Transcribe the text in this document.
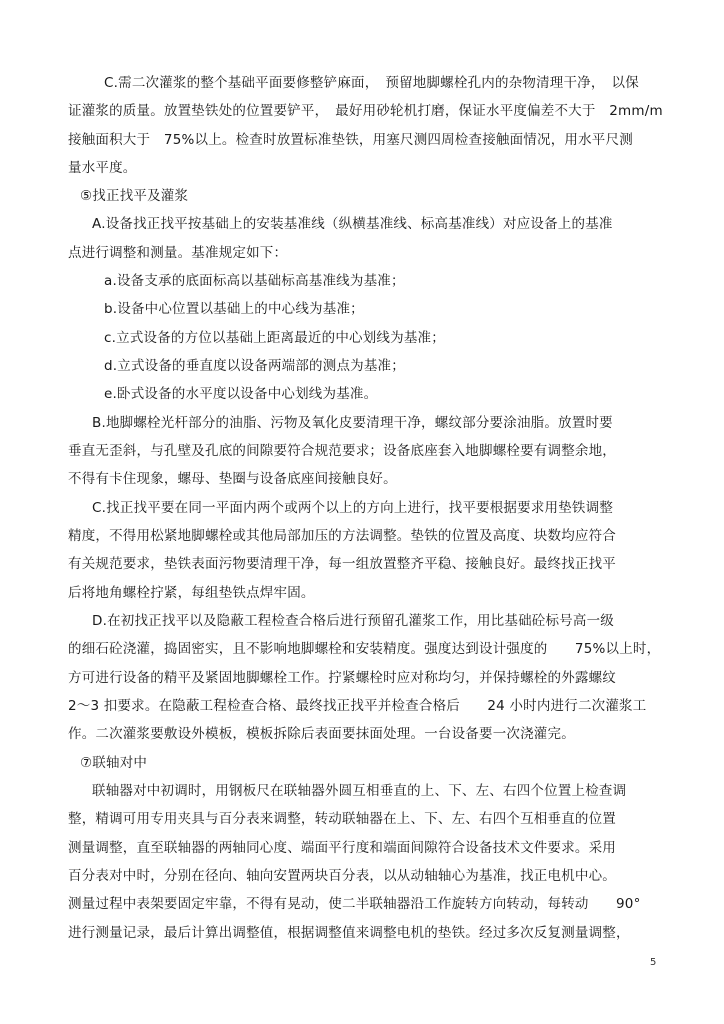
C.需二次灌浆的整个基础平面要修整铲麻面，　预留地脚螺栓孔内的杂物清理干净，　以保
证灌浆的质量。放置垫铁处的位置要铲平，　最好用砂轮机打磨，保证水平度偏差不大于　2mm/m
接触面积大于　75%以上。检查时放置标准垫铁，用塞尺测四周检查接触面情况，用水平尺测
量水平度。
⑤找正找平及灌浆
A.设备找正找平按基础上的安装基准线（纵横基准线、标高基准线）对应设备上的基准
点进行调整和测量。基准规定如下：
a.设备支承的底面标高以基础标高基准线为基准；
b.设备中心位置以基础上的中心线为基准；
c.立式设备的方位以基础上距离最近的中心划线为基准；
d.立式设备的垂直度以设备两端部的测点为基准；
e.卧式设备的水平度以设备中心划线为基准。
B.地脚螺栓光杆部分的油脂、污物及氧化皮要清理干净，螺纹部分要涂油脂。放置时要
垂直无歪斜，与孔壁及孔底的间隙要符合规范要求；设备底座套入地脚螺栓要有调整余地，
不得有卡住现象，螺母、垫圈与设备底座间接触良好。
C.找正找平要在同一平面内两个或两个以上的方向上进行，找平要根据要求用垫铁调整
精度，不得用松紧地脚螺栓或其他局部加压的方法调整。垫铁的位置及高度、块数均应符合
有关规范要求，垫铁表面污物要清理干净，每一组放置整齐平稳、接触良好。最终找正找平
后将地角螺栓拧紧，每组垫铁点焊牢固。
D.在初找正找平以及隐蔽工程检查合格后进行预留孔灌浆工作，用比基础砼标号高一级
的细石砼浇灌，捣固密实，且不影响地脚螺栓和安装精度。强度达到设计强度的　　75%以上时，
方可进行设备的精平及紧固地脚螺栓工作。拧紧螺栓时应对称均匀，并保持螺栓的外露螺纹
2～3 扣要求。在隐蔽工程检查合格、最终找正找平并检查合格后　　24 小时内进行二次灌浆工
作。二次灌浆要敷设外模板，模板拆除后表面要抹面处理。一台设备要一次浇灌完。
⑦联轴对中
联轴器对中初调时，用钢板尺在联轴器外圆互相垂直的上、下、左、右四个位置上检查调
整，精调可用专用夹具与百分表来调整，转动联轴器在上、下、左、右四个互相垂直的位置
测量调整，直至联轴器的两轴同心度、端面平行度和端面间隙符合设备技术文件要求。采用
百分表对中时，分别在径向、轴向安置两块百分表，以从动轴轴心为基准，找正电机中心。
测量过程中表架要固定牢靠，不得有晃动，使二半联轴器沿工作旋转方向转动，每转动　　90°
进行测量记录，最后计算出调整值，根据调整值来调整电机的垫铁。经过多次反复测量调整，
5
